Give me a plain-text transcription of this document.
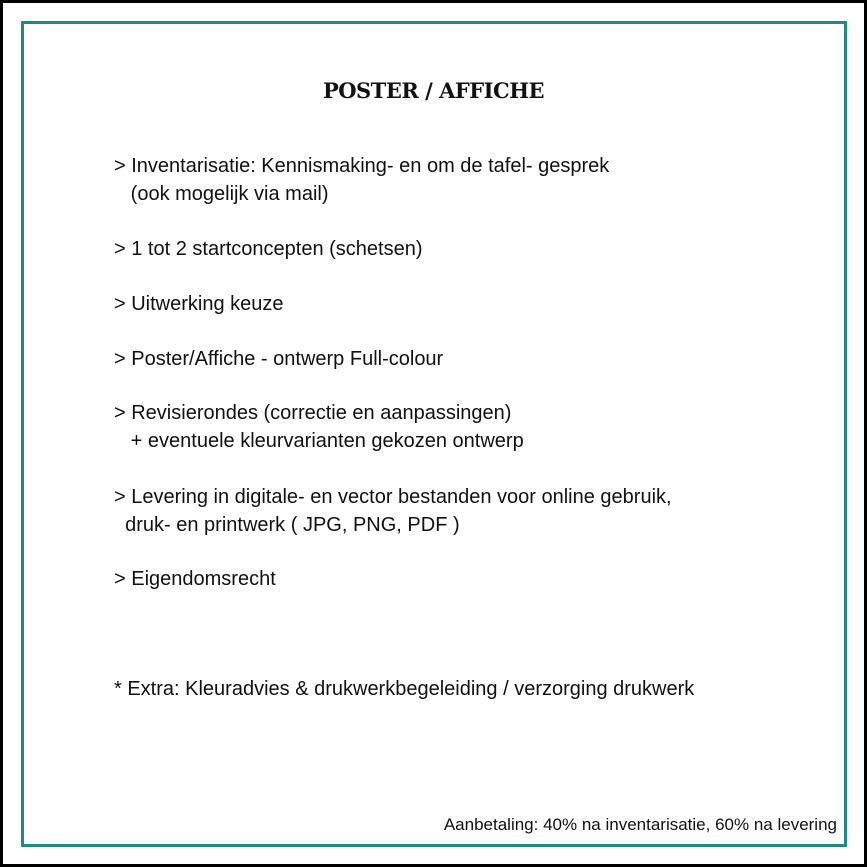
POSTER / AFFICHE
> Inventarisatie: Kennismaking- en om de tafel- gesprek
(ook mogelijk via mail)
> 1 tot 2 startconcepten (schetsen)
> Uitwerking keuze
> Poster/Affiche - ontwerp Full-colour
> Revisierondes (correctie en aanpassingen)
+ eventuele kleurvarianten gekozen ontwerp
> Levering in digitale- en vector bestanden voor online gebruik,
druk- en printwerk ( JPG, PNG, PDF )
> Eigendomsrecht
* Extra: Kleuradvies & drukwerkbegeleiding / verzorging drukwerk
Aanbetaling: 40% na inventarisatie, 60% na levering
